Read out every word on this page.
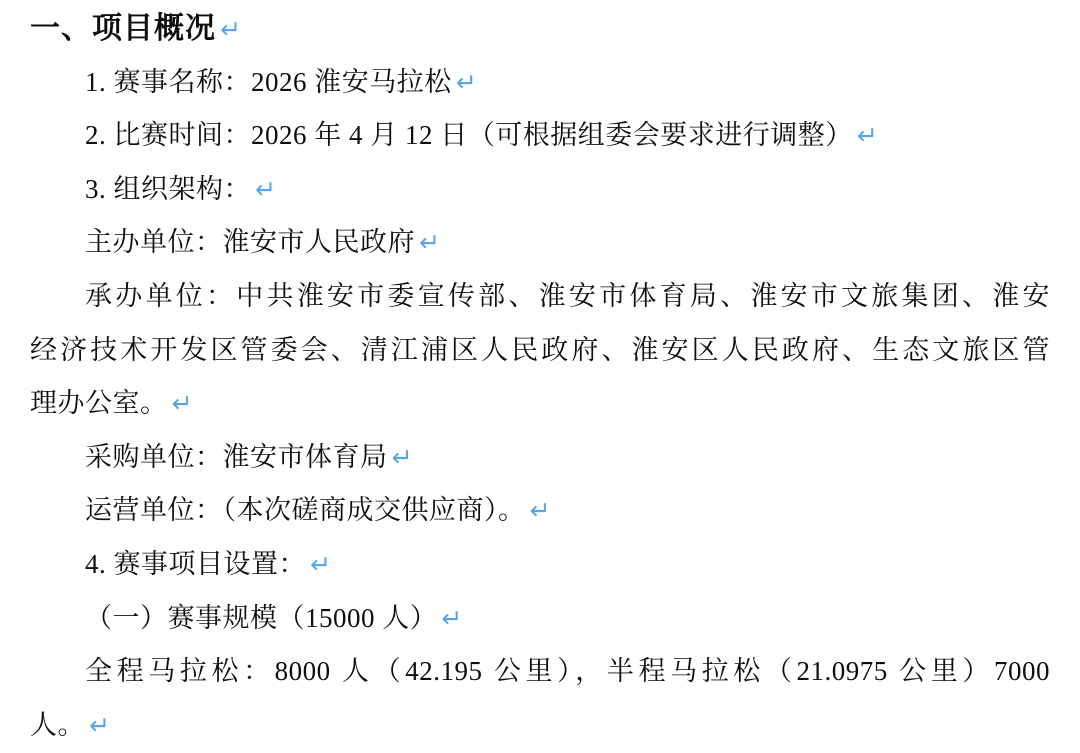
一、项目概况 ↵
1. 赛事名称：2026 淮安马拉松 ↵
2. 比赛时间：2026 年 4 月 12 日（可根据组委会要求进行调整） ↵
3. 组织架构： ↵
主办单位：淮安市人民政府 ↵
承办单位：中共淮安市委宣传部、淮安市体育局、淮安市文旅集团、淮安
经济技术开发区管委会、清江浦区人民政府、淮安区人民政府、生态文旅区管
理办公室。 ↵
采购单位：淮安市体育局 ↵
运营单位：（本次磋商成交供应商）。 ↵
4. 赛事项目设置： ↵
（一）赛事规模（15000 人） ↵
全程马拉松：8000 人（42.195 公里），半程马拉松（21.0975 公里）7000
人。 ↵
